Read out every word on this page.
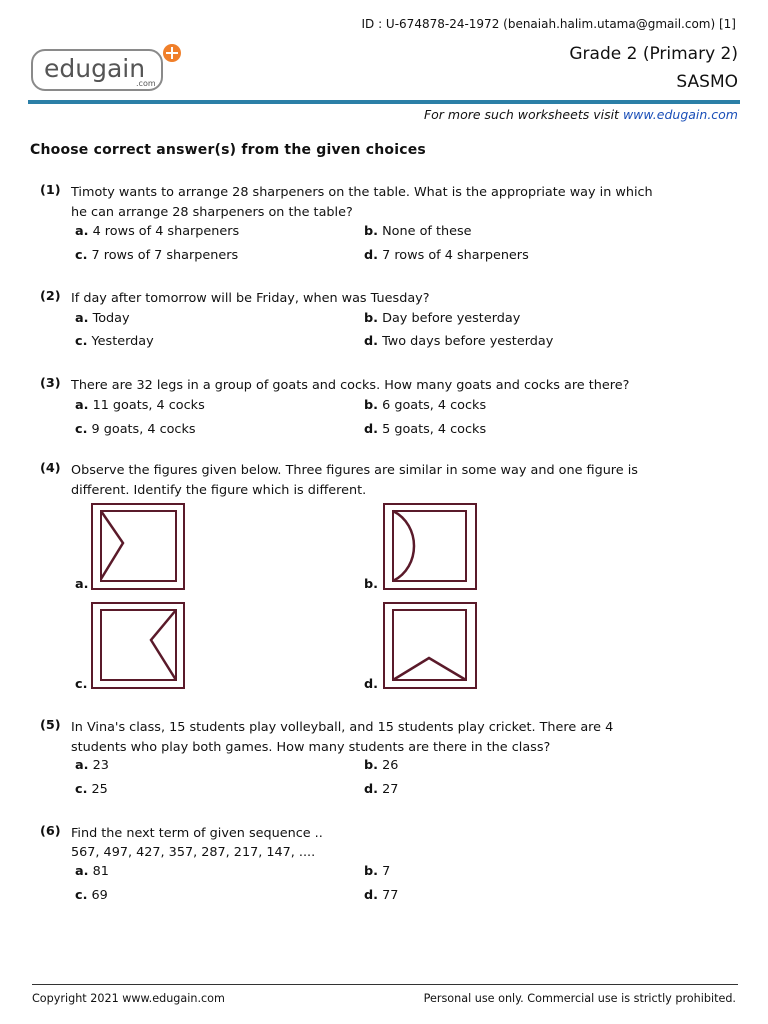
ID : U-674878-24-1972 (benaiah.halim.utama@gmail.com) [1]
edugain
.com
Grade 2 (Primary 2)
SASMO
For more such worksheets visit www.edugain.com
Choose correct answer(s) from the given choices
(1) Timoty wants to arrange 28 sharpeners on the table. What is the appropriate way in which he can arrange 28 sharpeners on the table?
a. 4 rows of 4 sharpeners	b. None of these
c. 7 rows of 7 sharpeners	d. 7 rows of 4 sharpeners
(2) If day after tomorrow will be Friday, when was Tuesday?
a. Today	b. Day before yesterday
c. Yesterday	d. Two days before yesterday
(3) There are 32 legs in a group of goats and cocks. How many goats and cocks are there?
a. 11 goats, 4 cocks	b. 6 goats, 4 cocks
c. 9 goats, 4 cocks	d. 5 goats, 4 cocks
(4) Observe the figures given below. Three figures are similar in some way and one figure is different. Identify the figure which is different.
a.	b.
c.	d.
(5) In Vina's class, 15 students play volleyball, and 15 students play cricket. There are 4 students who play both games. How many students are there in the class?
a. 23	b. 26
c. 25	d. 27
(6) Find the next term of given sequence ..
567, 497, 427, 357, 287, 217, 147, ....
a. 81	b. 7
c. 69	d. 77
Copyright 2021 www.edugain.com	Personal use only. Commercial use is strictly prohibited.
